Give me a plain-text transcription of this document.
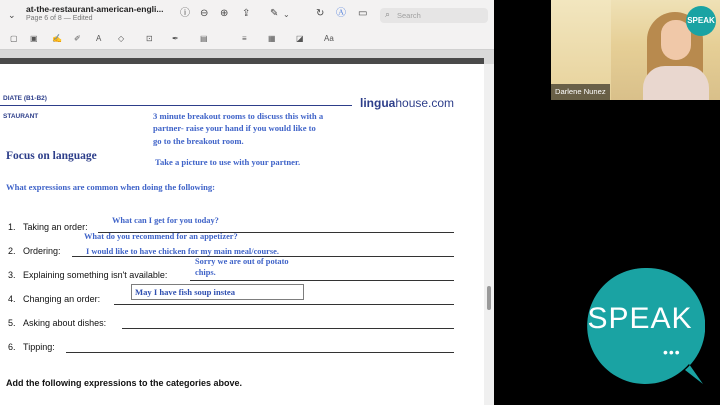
⌄
at-the-restaurant-american-engli...
Page 6 of 8 — Edited	ⓘ ⊖ ⊕ ⇪ ✎ ⌄	↻ Ⓐ ▭ ⌕ Search
▢ ▣ ✍ ✐ A ◇	⊡ ✒	▤	≡	▦	◪	Aa
DIATE (B1-B2)	linguahouse.com
STAURANT	3 minute breakout rooms to discuss this with a
partner- raise your hand if you would like to
go to the breakout room.
Take a picture to use with your partner.
Focus on language
What expressions are common when doing the following:
1. Taking an order:
What can I get for you today?
What do you recommend for an appetizer?
2. Ordering:	I would like to have chicken for my main meal/course.
3. Explaining something isn't available:
Sorry we are out of potato
chips.
4. Changing an order:
May I have fish soup instea
5. Asking about dishes:
6. Tipping:
Add the following expressions to the categories above.
SPEAK
Darlene Nunez
SPEAK
•••
